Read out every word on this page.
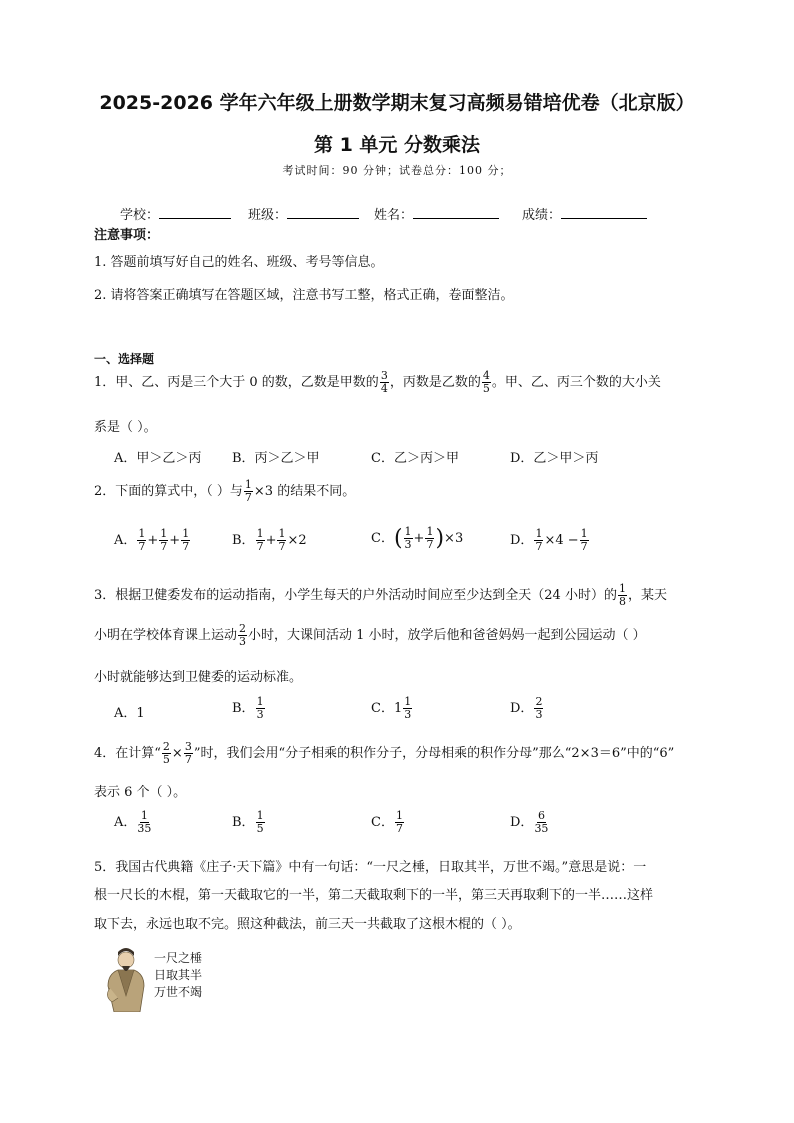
2025-2026 学年六年级上册数学期末复习高频易错培优卷（北京版）
第 1 单元 分数乘法
考试时间：90 分钟；试卷总分：100 分；
学校：	班级：	姓名：	成绩：
注意事项：
1. 答题前填写好自己的姓名、班级、考号等信息。
2. 请将答案正确填写在答题区域，注意书写工整，格式正确，卷面整洁。
一、选择题
1．甲、乙、丙是三个大于 0 的数，乙数是甲数的 $\frac{3}{4}$ ，丙数是乙数的 $\frac{4}{5}$ 。甲、乙、丙三个数的大小关
系是（ ）。
A．甲＞乙＞丙 B．丙＞乙＞甲	C．乙＞丙＞甲	D．乙＞甲＞丙
2．下面的算式中，（ ）与 $\frac{1}{7} \times 3$ 的结果不同。
A． $\frac{1}{7} + \frac{1}{7} + \frac{1}{7}$	B． $\frac{1}{7} + \frac{1}{7} \times 2$	C．( $\frac{1}{3} + \frac{1}{7} )\times 3$	D． $\frac{1}{7} \times 4 - \frac{1}{7}$
3．根据卫健委发布的运动指南，小学生每天的户外活动时间应至少达到全天（24 小时）的 $\frac{1}{8}$ ，某天
小明在学校体育课上运动 $\frac{2}{3}$ 小时，大课间活动 1 小时，放学后他和爸爸妈妈一起到公园运动（ ）
小时就能够达到卫健委的运动标准。
A．1	B． $\frac{1}{3}$	C．$1 \frac{1}{3}$	D． $\frac{2}{3}$
4．在计算“ $\frac{2}{5} \times \frac{3}{7}$ ”时，我们会用“分子相乘的积作分子，分母相乘的积作分母”那么“2×3＝6”中的“6”
表示 6 个（ ）。
A． $\frac{1}{35}$	B． $\frac{1}{5}$	C． $\frac{1}{7}$	D． $\frac{6}{35}$
5．我国古代典籍《庄子·天下篇》中有一句话：“一尺之棰，日取其半，万世不竭。”意思是说：一
根一尺长的木棍，第一天截取它的一半，第二天截取剩下的一半，第三天再取剩下的一半……这样
取下去，永远也取不完。照这种截法，前三天一共截取了这根木棍的（ ）。
一尺之棰
日取其半
万世不竭
